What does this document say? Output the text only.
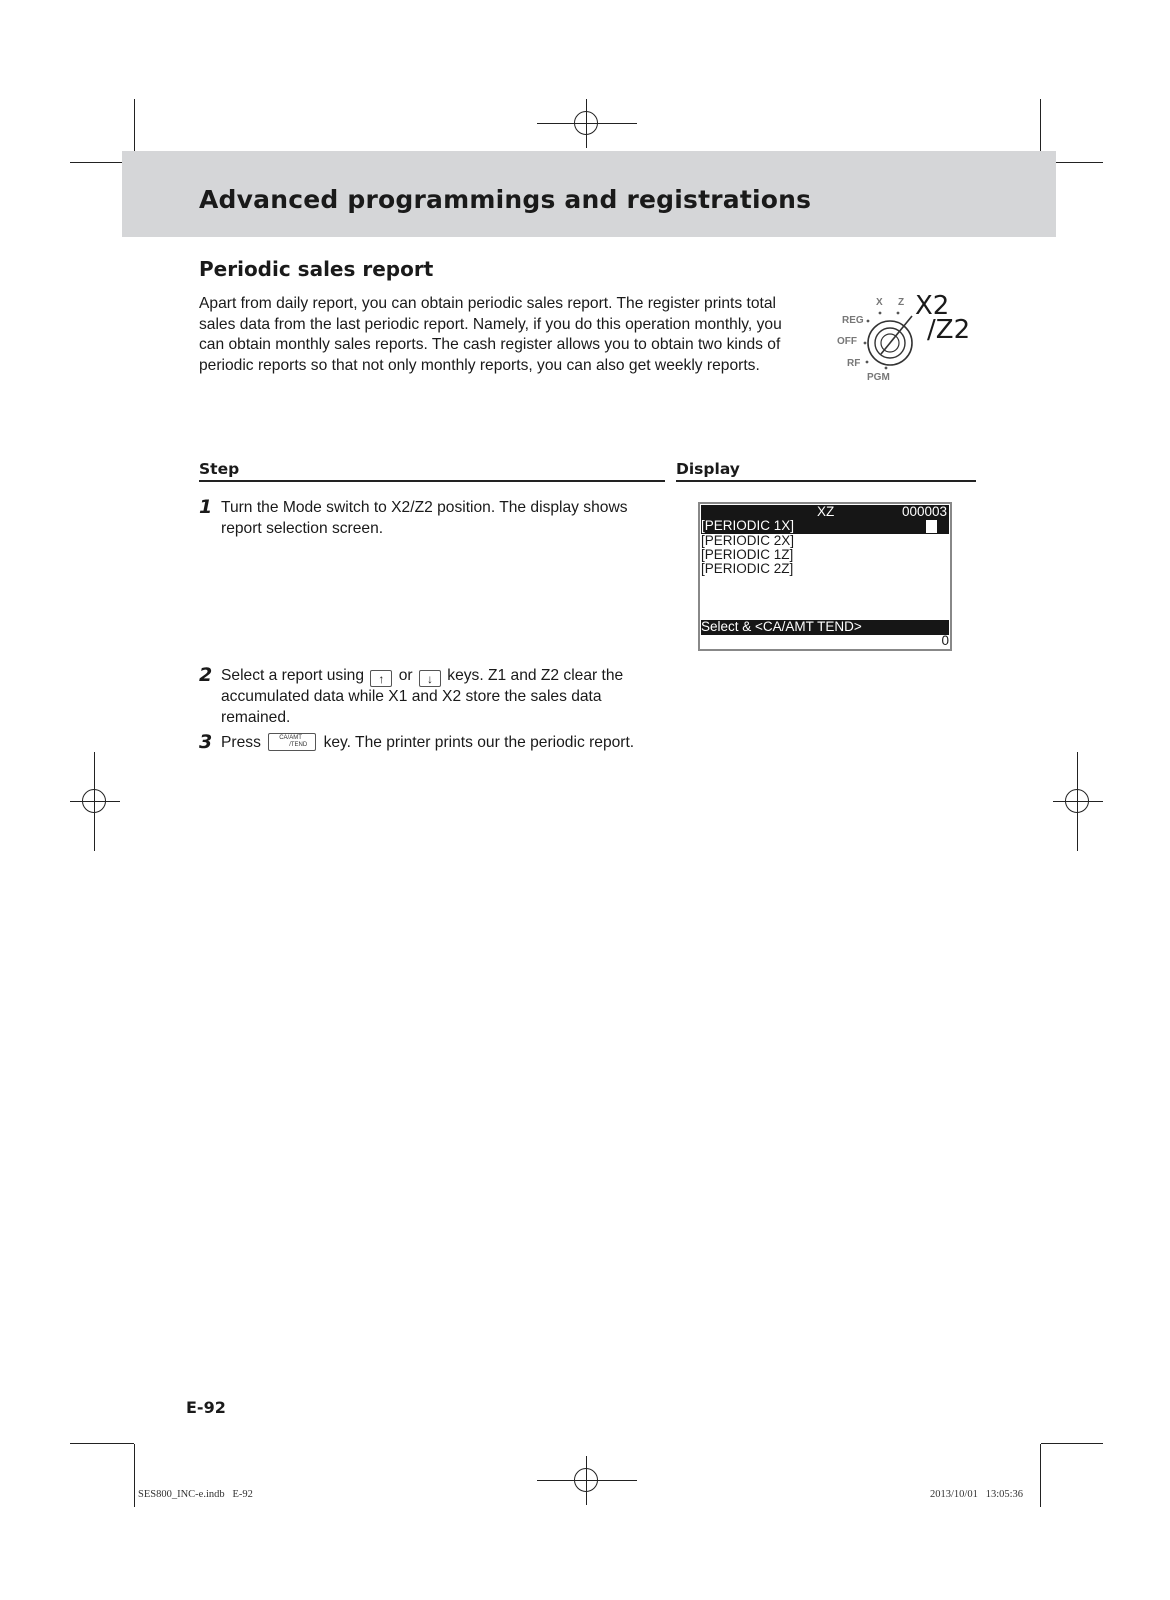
Advanced programmings and registrations
Periodic sales report
Apart from daily report, you can obtain periodic sales report. The register prints total sales data from the last periodic report. Namely, if you do this operation monthly, you can obtain monthly sales reports. The cash register allows you to obtain two kinds of periodic reports so that not only monthly reports, you can also get weekly reports.
X Z
REG
OFF
RF
PGM
X2
/Z2
Step	Display
1 Turn the Mode switch to X2/Z2 position. The display shows report selection screen.
XZ	000003
[PERIODIC 1X]
[PERIODIC 2X]
[PERIODIC 1Z]
[PERIODIC 2Z]
Select & <CA/AMT TEND>
0
2 Select a report using ↑ or ↓ keys. Z1 and Z2 clear the accumulated data while X1 and X2 store the sales data remained.
3 Press	CA/AMT
/TEND key. The printer prints our the periodic report.
E-92
SES800_INC-e.indb   E-92	2013/10/01   13:05:36
